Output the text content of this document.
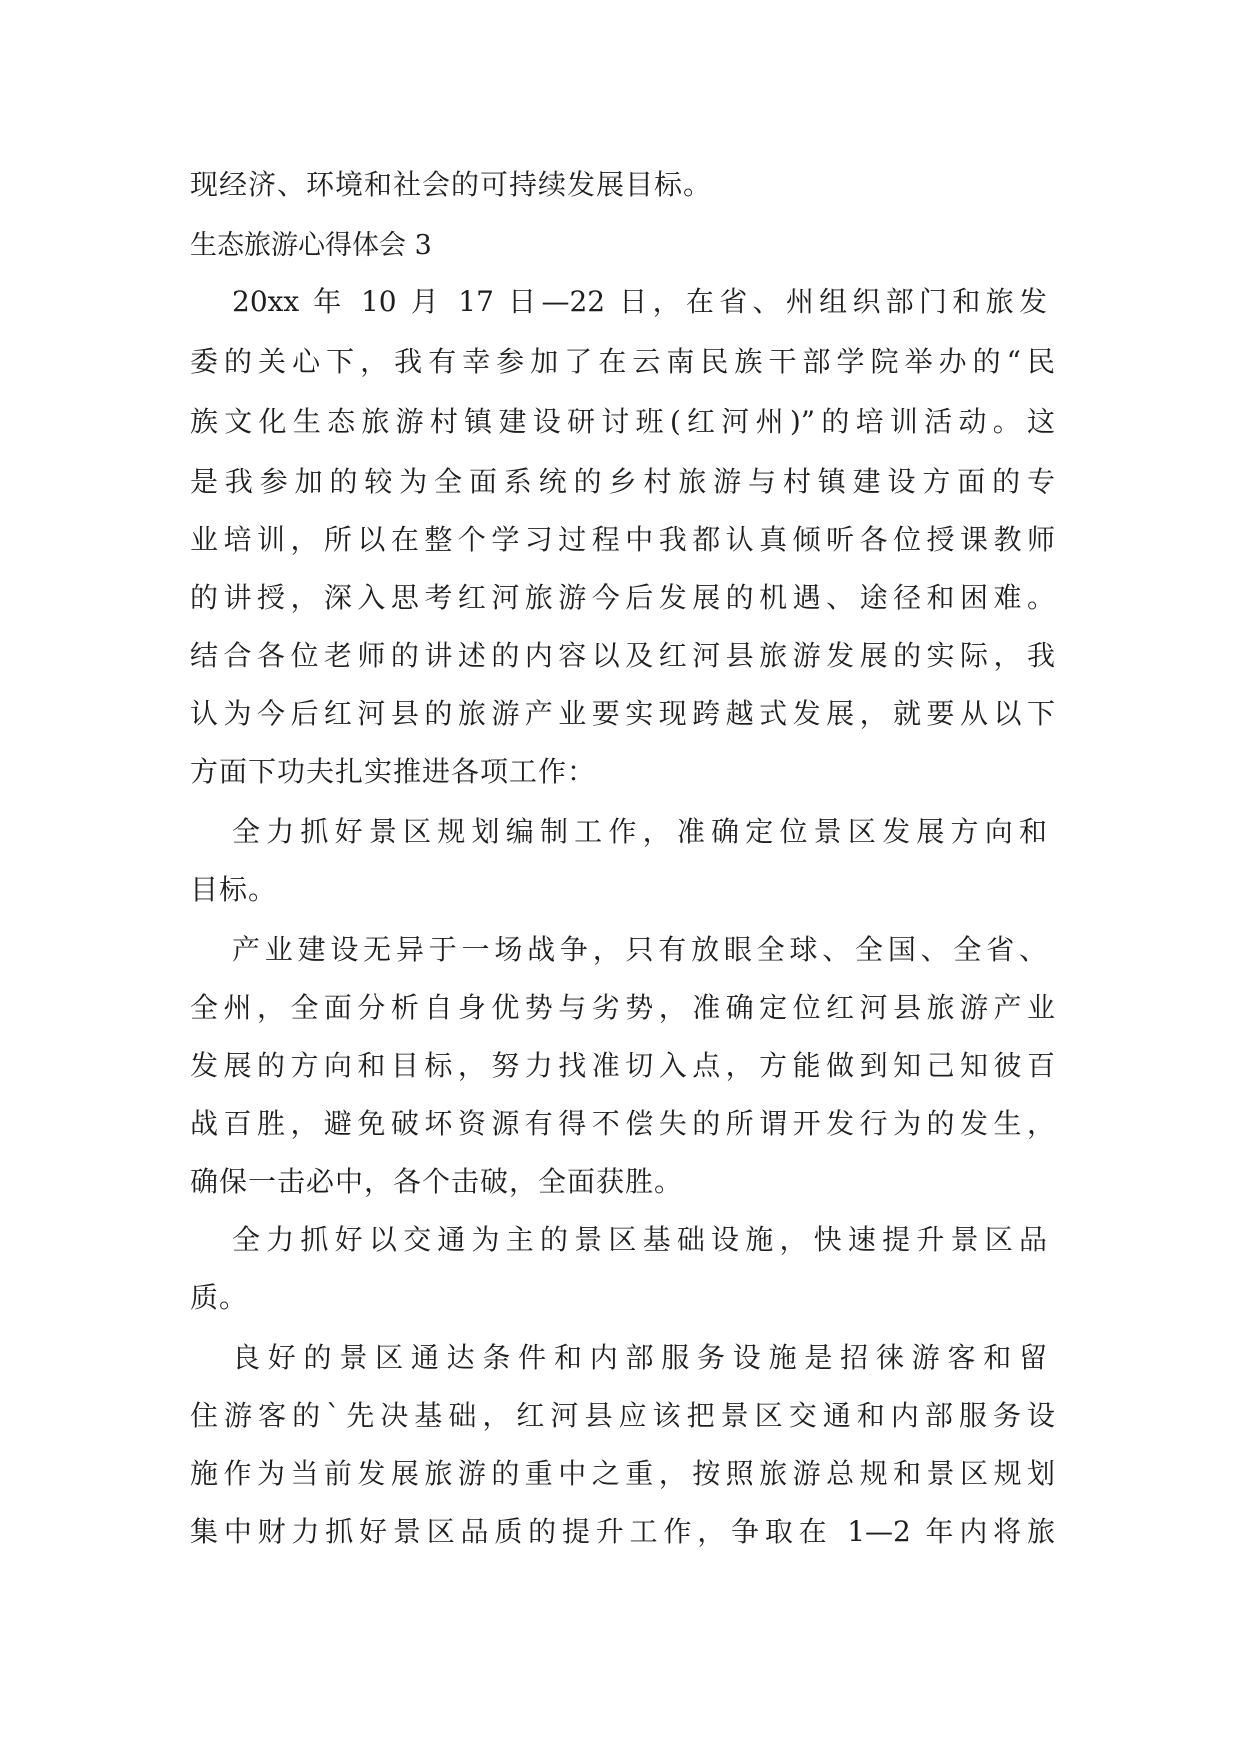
现经济、环境和社会的可持续发展目标。
生态旅游心得体会 3
20xx 年 10 月 17 日—22 日，在省、州组织部门和旅发
委的关心下，我有幸参加了在云南民族干部学院举办的“民
族文化生态旅游村镇建设研讨班(红河州)”的培训活动。这
是我参加的较为全面系统的乡村旅游与村镇建设方面的专
业培训，所以在整个学习过程中我都认真倾听各位授课教师
的讲授，深入思考红河旅游今后发展的机遇、途径和困难。
结合各位老师的讲述的内容以及红河县旅游发展的实际，我
认为今后红河县的旅游产业要实现跨越式发展，就要从以下
方面下功夫扎实推进各项工作：
全力抓好景区规划编制工作，准确定位景区发展方向和
目标。
产业建设无异于一场战争，只有放眼全球、全国、全省、
全州，全面分析自身优势与劣势，准确定位红河县旅游产业
发展的方向和目标，努力找准切入点，方能做到知己知彼百
战百胜，避免破坏资源有得不偿失的所谓开发行为的发生，
确保一击必中，各个击破，全面获胜。
全力抓好以交通为主的景区基础设施，快速提升景区品
质。
良好的景区通达条件和内部服务设施是招徕游客和留
住游客的`先决基础，红河县应该把景区交通和内部服务设
施作为当前发展旅游的重中之重，按照旅游总规和景区规划
集中财力抓好景区品质的提升工作，争取在 1—2 年内将旅
